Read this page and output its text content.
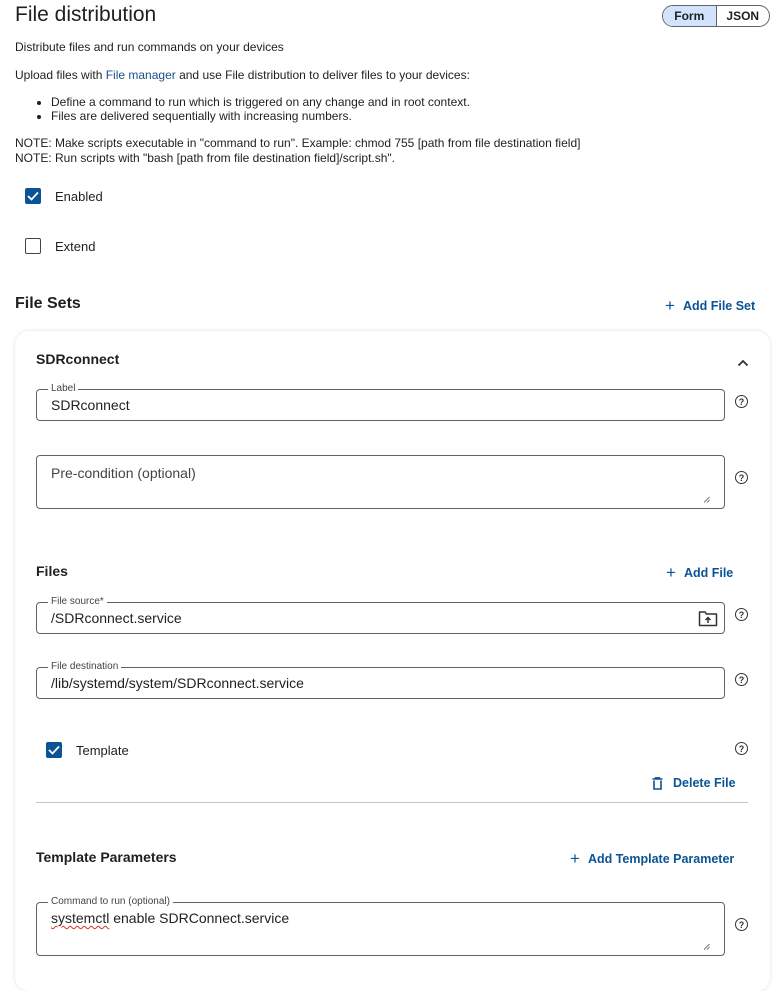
File distribution	Form	JSON
Distribute files and run commands on your devices
Upload files with File manager and use File distribution to deliver files to your devices:
• Define a command to run which is triggered on any change and in root context.
• Files are delivered sequentially with increasing numbers.
NOTE: Make scripts executable in "command to run". Example: chmod 755 [path from file destination field]
NOTE: Run scripts with "bash [path from file destination field]/script.sh".
Enabled
Extend
File Sets	+ Add File Set
SDRconnect
Label
SDRconnect	?
Pre-condition (optional)	?
Files	+ Add File
File source*
/SDRconnect.service	?
File destination
/lib/systemd/system/SDRconnect.service	?
Template	?
Delete File
Template Parameters	+ Add Template Parameter
Command to run (optional)
systemctl enable SDRConnect.service	?
